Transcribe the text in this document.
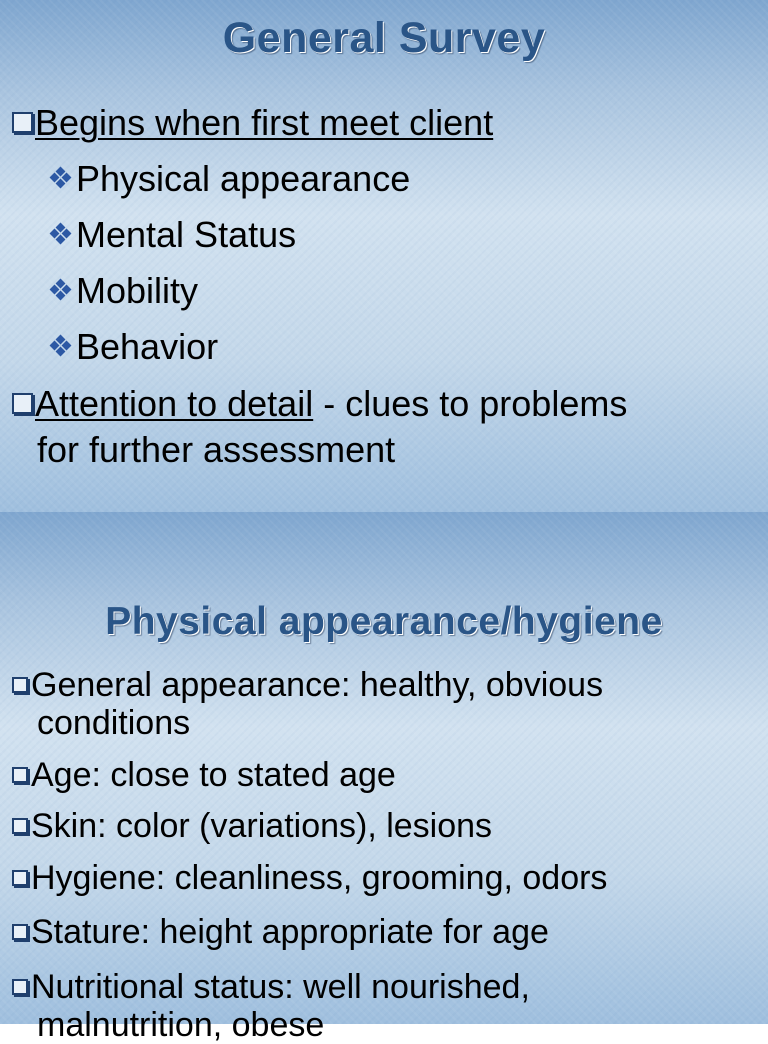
General Survey
Begins when first meet client
Physical appearance
Mental Status
Mobility
Behavior
Attention to detail - clues to problems
for further assessment
Physical appearance/hygiene
General appearance: healthy, obvious
conditions
Age: close to stated age
Skin: color (variations), lesions
Hygiene: cleanliness, grooming, odors
Stature: height appropriate for age
Nutritional status: well nourished,
malnutrition, obese
